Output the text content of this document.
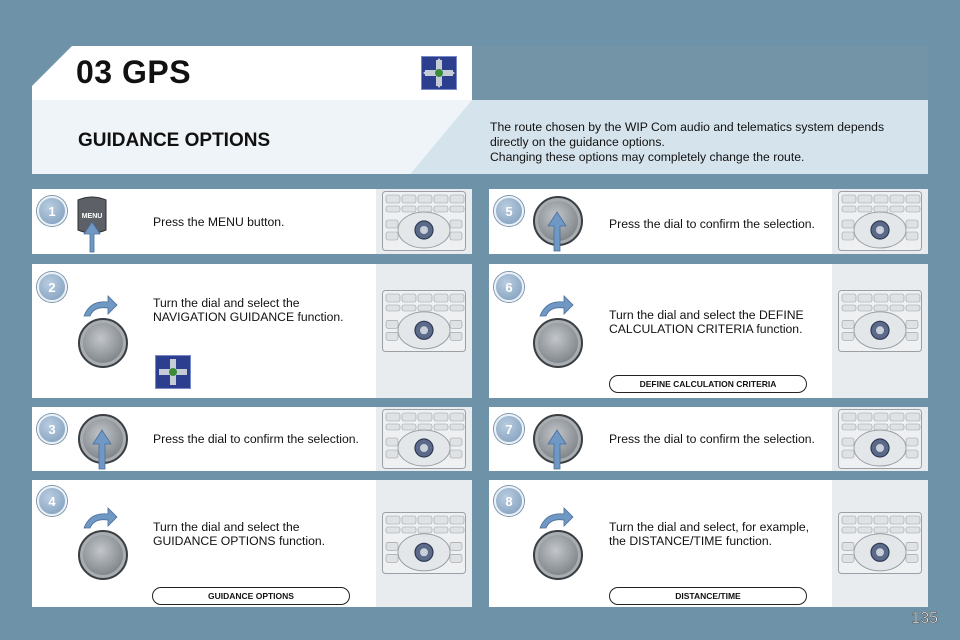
03 GPS
GUIDANCE OPTIONS
The route chosen by the WIP Com audio and telematics system depends
directly on the guidance options.
Changing these options may completely change the route.
1	MENU	Press the MENU button.
2
Turn the dial and select the
NAVIGATION GUIDANCE function.
3
Press the dial to confirm the selection.
4
Turn the dial and select the
GUIDANCE OPTIONS function.
GUIDANCE OPTIONS
5
Press the dial to confirm the selection.
6
Turn the dial and select the DEFINE
CALCULATION CRITERIA function.
DEFINE CALCULATION CRITERIA
7
Press the dial to confirm the selection.
8
Turn the dial and select, for example,
the DISTANCE/TIME function.
DISTANCE/TIME
135
